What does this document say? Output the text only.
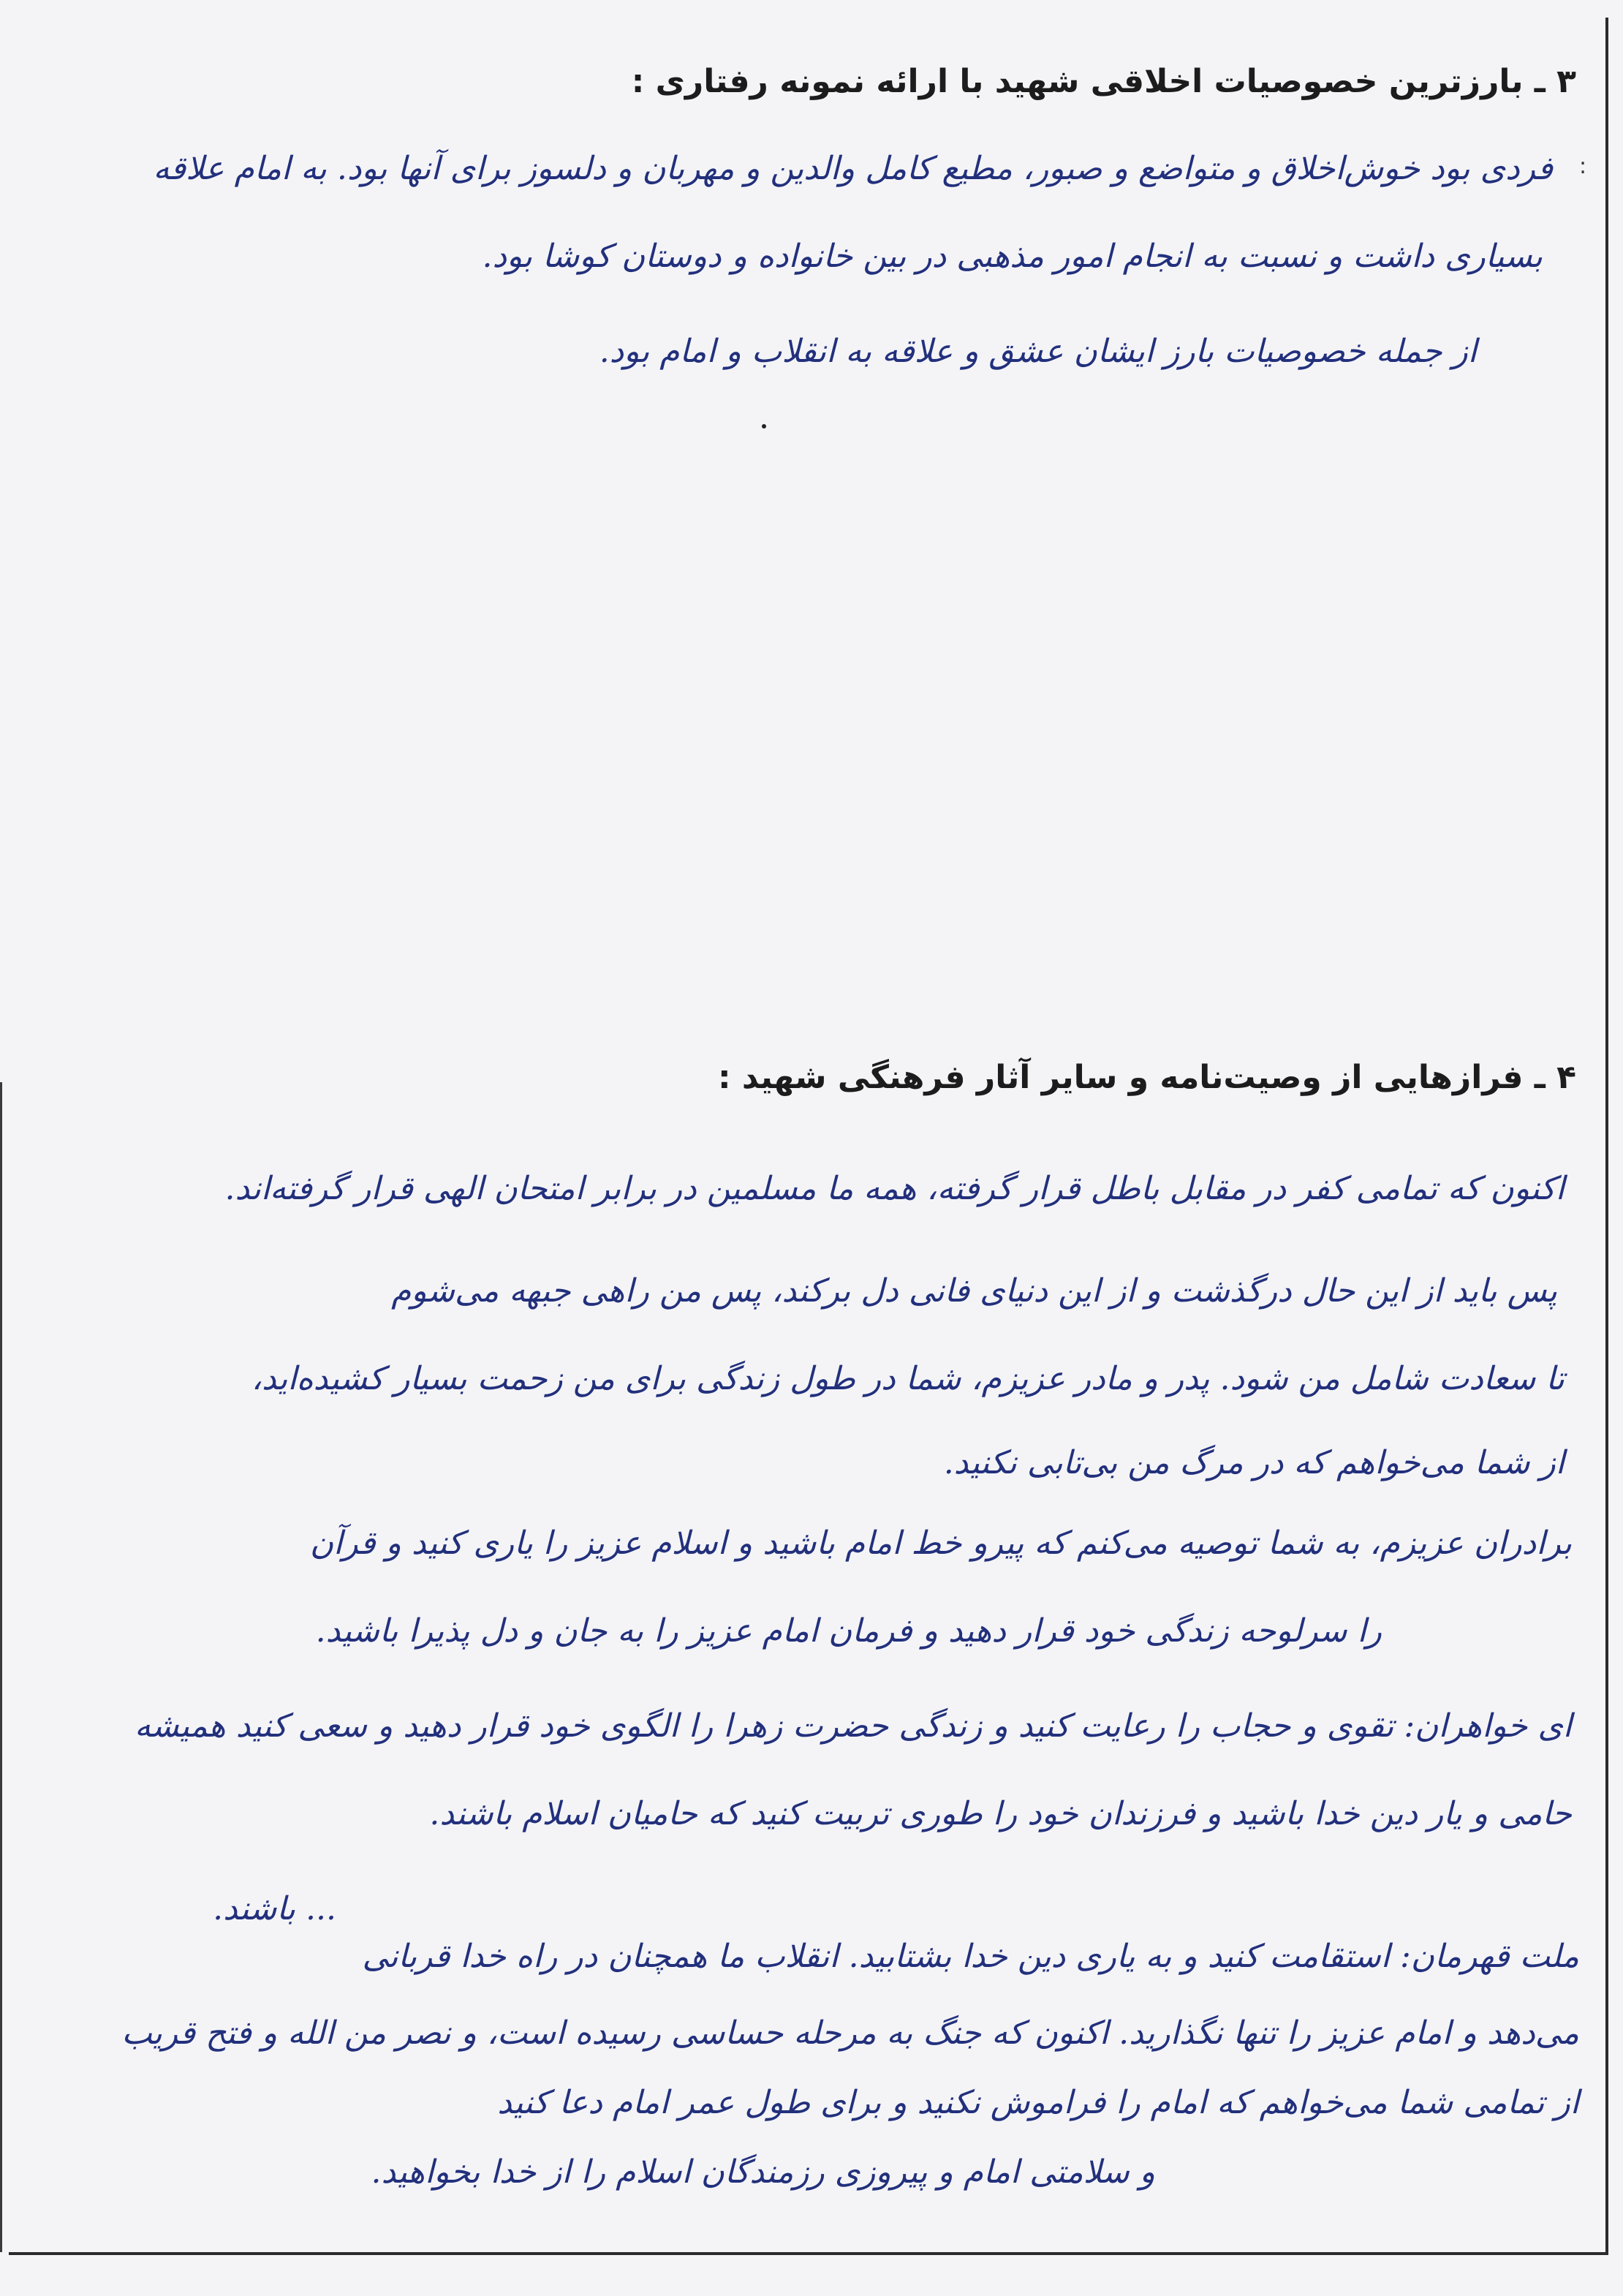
:
۳ ـ بارزترین خصوصیات اخلاقی شهید با ارائه نمونه رفتاری :
فردی بود خوش‌اخلاق و متواضع و صبور، مطیع کامل والدین و مهربان و دلسوز برای آنها بود. به امام علاقه
بسیاری داشت و نسبت به انجام امور مذهبی در بین خانواده و دوستان کوشا بود.
از جمله خصوصیات بارز ایشان عشق و علاقه به انقلاب و امام بود.
۴ ـ فرازهایی از وصیت‌نامه و سایر آثار فرهنگی شهید :
اکنون که تمامی کفر در مقابل باطل قرار گرفته، همه ما مسلمین در برابر امتحان الهی قرار گرفته‌اند.
پس باید از این حال درگذشت و از این دنیای فانی دل برکند، پس من راهی جبهه می‌شوم
تا سعادت شامل من شود. پدر و مادر عزیزم، شما در طول زندگی برای من زحمت بسیار کشیده‌اید،
از شما می‌خواهم که در مرگ من بی‌تابی نکنید.
برادران عزیزم، به شما توصیه می‌کنم که پیرو خط امام باشید و اسلام عزیز را یاری کنید و قرآن
را سرلوحه زندگی خود قرار دهید و فرمان امام عزیز را به جان و دل پذیرا باشید.
ای خواهران: تقوی و حجاب را رعایت کنید و زندگی حضرت زهرا را الگوی خود قرار دهید و سعی کنید همیشه
حامی و یار دین خدا باشید و فرزندان خود را طوری تربیت کنید که حامیان اسلام باشند.
... باشند.
ملت قهرمان: استقامت کنید و به یاری دین خدا بشتابید. انقلاب ما همچنان در راه خدا قربانی
می‌دهد و امام عزیز را تنها نگذارید. اکنون که جنگ به مرحله حساسی رسیده است، و نصر من الله و فتح قریب
از تمامی شما می‌خواهم که امام را فراموش نکنید و برای طول عمر امام دعا کنید
و سلامتی امام و پیروزی رزمندگان اسلام را از خدا بخواهید.
